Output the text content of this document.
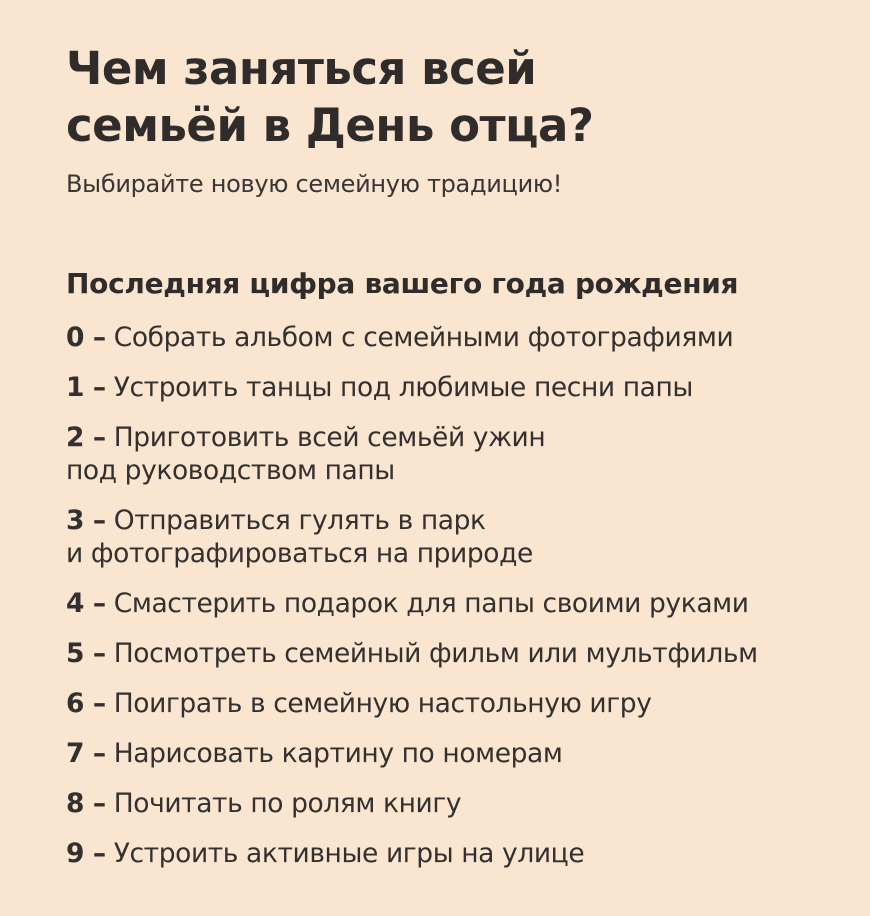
Чем заняться всей
семьёй в День отца?

Выбирайте новую семейную традицию!

Последняя цифра вашего года рождения
0 – Собрать альбом с семейными фотографиями
1 – Устроить танцы под любимые песни папы
2 – Приготовить всей семьёй ужин
под руководством папы
3 – Отправиться гулять в парк
и фотографироваться на природе
4 – Смастерить подарок для папы своими руками
5 – Посмотреть семейный фильм или мультфильм
6 – Поиграть в семейную настольную игру
7 – Нарисовать картину по номерам
8 – Почитать по ролям книгу
9 – Устроить активные игры на улице
